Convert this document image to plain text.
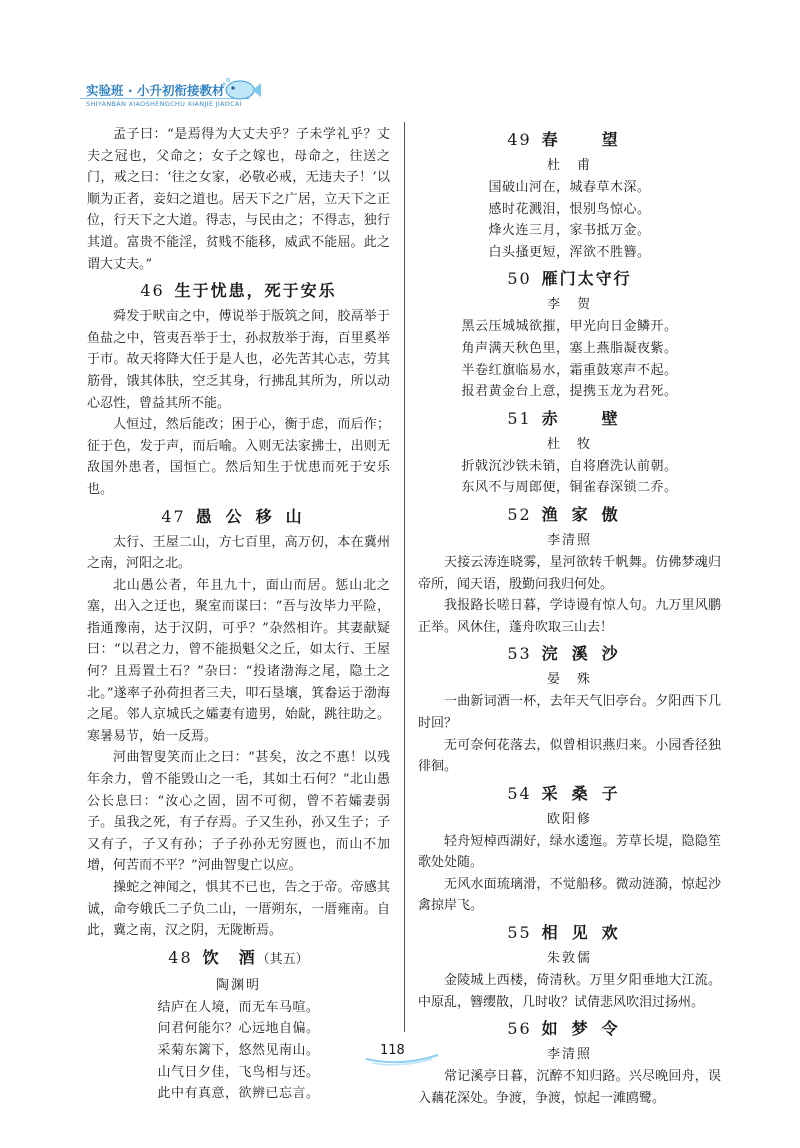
实验班 · 小升初衔接教材
SHIYANBAN XIAOSHENGCHU XIANJIE JIAOCAI

孟子曰：“是焉得为大丈夫乎？子未学礼乎？丈夫之冠也，父命之；女子之嫁也，母命之，往送之门，戒之曰：‘往之女家，必敬必戒，无违夫子！’以顺为正者，妾妇之道也。居天下之广居，立天下之正位，行天下之大道。得志，与民由之；不得志，独行其道。富贵不能淫，贫贱不能移，威武不能屈。此之谓大丈夫。”

46 生于忧患，死于安乐

舜发于畎亩之中，傅说举于版筑之间，胶鬲举于鱼盐之中，管夷吾举于士，孙叔敖举于海，百里奚举于市。故天将降大任于是人也，必先苦其心志，劳其筋骨，饿其体肤，空乏其身，行拂乱其所为，所以动心忍性，曾益其所不能。

人恒过，然后能改；困于心，衡于虑，而后作；征于色，发于声，而后喻。入则无法家拂士，出则无敌国外患者，国恒亡。然后知生于忧患而死于安乐也。

47 愚公移山

太行、王屋二山，方七百里，高万仞，本在冀州之南，河阳之北。

北山愚公者，年且九十，面山而居。惩山北之塞，出入之迂也，聚室而谋曰：“吾与汝毕力平险，指通豫南，达于汉阴，可乎？”杂然相许。其妻献疑曰：“以君之力，曾不能损魁父之丘，如太行、王屋何？且焉置土石？”杂曰：“投诸渤海之尾，隐土之北。”遂率子孙荷担者三夫，叩石垦壤，箕畚运于渤海之尾。邻人京城氏之孀妻有遗男，始龀，跳往助之。寒暑易节，始一反焉。

河曲智叟笑而止之曰：“甚矣，汝之不惠！以残年余力，曾不能毁山之一毛，其如土石何？”北山愚公长息曰：“汝心之固，固不可彻，曾不若孀妻弱子。虽我之死，有子存焉。子又生孙，孙又生子；子又有子，子又有孙；子子孙孙无穷匮也，而山不加增，何苦而不平？”河曲智叟亡以应。

操蛇之神闻之，惧其不已也，告之于帝。帝感其诚，命夸娥氏二子负二山，一厝朔东，一厝雍南。自此，冀之南，汉之阴，无陇断焉。

48 饮　酒（其五）
陶渊明
结庐在人境，而无车马喧。
问君何能尔？心远地自偏。
采菊东篱下，悠然见南山。
山气日夕佳，飞鸟相与还。
此中有真意，欲辨已忘言。
49 春　望
杜　甫
国破山河在，城春草木深。
感时花溅泪，恨别鸟惊心。
烽火连三月，家书抵万金。
白头搔更短，浑欲不胜簪。
50 雁门太守行
李　贺
黑云压城城欲摧，甲光向日金鳞开。
角声满天秋色里，塞上燕脂凝夜紫。
半卷红旗临易水，霜重鼓寒声不起。
报君黄金台上意，提携玉龙为君死。
51 赤　壁
杜　牧
折戟沉沙铁未销，自将磨洗认前朝。
东风不与周郎便，铜雀春深锁二乔。
52 渔家傲
李清照

天接云涛连晓雾，星河欲转千帆舞。仿佛梦魂归帝所，闻天语，殷勤问我归何处。

我报路长嗟日暮，学诗谩有惊人句。九万里风鹏正举。风休住，蓬舟吹取三山去！

53 浣溪沙
晏　殊

一曲新词酒一杯，去年天气旧亭台。夕阳西下几时回？

无可奈何花落去，似曾相识燕归来。小园香径独徘徊。

54 采桑子
欧阳修

轻舟短棹西湖好，绿水逶迤。芳草长堤，隐隐笙歌处处随。

无风水面琉璃滑，不觉船移。微动涟漪，惊起沙禽掠岸飞。

55 相见欢
朱敦儒

金陵城上西楼，倚清秋。万里夕阳垂地大江流。中原乱，簪缨散，几时收？试倩悲风吹泪过扬州。

56 如梦令
李清照

常记溪亭日暮，沉醉不知归路。兴尽晚回舟，误入藕花深处。争渡，争渡，惊起一滩鸥鹭。

118
